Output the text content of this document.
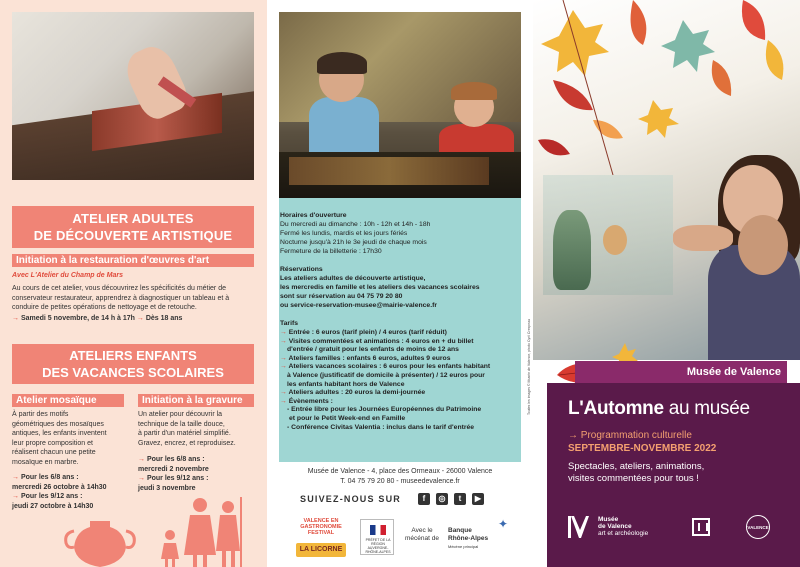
ATELIER ADULTES
DE DÉCOUVERTE ARTISTIQUE
Initiation à la restauration d'œuvres d'art
Avec L'Atelier du Champ de Mars
Au cours de cet atelier, vous découvrirez les spécificités du métier de
conservateur restaurateur, apprendrez à diagnostiquer un tableau et à
conduire de petites opérations de nettoyage et de retouche.
→ Samedi 5 novembre, de 14 h à 17h → Dès 18 ans
ATELIERS ENFANTS
DES VACANCES SCOLAIRES
Atelier mosaïque	Initiation à la gravure
À partir des motifs
géométriques des mosaïques
antiques, les enfants inventent
leur propre composition et
réalisent chacun une petite
mosaïque en marbre.
→ Pour les 6/8 ans :
mercredi 26 octobre à 14h30
→ Pour les 9/12 ans :
jeudi 27 octobre à 14h30
Un atelier pour découvrir la
technique de la taille douce,
à partir d'un matériel simplifié.
Gravez, encrez, et reproduisez.
→ Pour les 6/8 ans :
mercredi 2 novembre
→ Pour les 9/12 ans :
jeudi 3 novembre
Horaires d'ouverture
Du mercredi au dimanche : 10h - 12h et 14h - 18h
Fermé les lundis, mardis et les jours fériés
Nocturne jusqu'à 21h le 3e jeudi de chaque mois
Fermeture de la billetterie : 17h30
Réservations
Les ateliers adultes de découverte artistique,
les mercredis en famille et les ateliers des vacances scolaires
sont sur réservation au 04 75 79 20 80
ou service-reservation-musee@mairie-valence.fr
Tarifs
→ Entrée : 6 euros (tarif plein) / 4 euros (tarif réduit)
→ Visites commentées et animations : 4 euros en + du billet
d'entrée / gratuit pour les enfants de moins de 12 ans
→ Ateliers familles : enfants 6 euros, adultes 9 euros
→ Ateliers vacances scolaires : 6 euros pour les enfants habitant
à Valence (justificatif de domicile à présenter) / 12 euros pour
les enfants habitant hors de Valence
→ Ateliers adultes : 20 euros la demi-journée
→ Évènements :
- Entrée libre pour les Journées Européennes du Patrimoine
et pour le Petit Week-end en Famille
- Conférence Civitas Valentia : inclus dans le tarif d'entrée
Musée de Valence - 4, place des Ormeaux - 26000 Valence
T. 04 75 79 20 80 - museedevalence.fr
SUIVEZ-NOUS SUR	f	◎	t	▶
VALENCE EN GASTRONOMIE FESTIVAL
LA LICORNE
PRÉFET DE LA RÉGION AUVERGNE-RHÔNE-ALPES
Avec le
mécénat de
Banque
Rhône-Alpes
Mécène principal
✦
Toutes les images © Musée de Valence, photo Cyril Crespeau	Musée de Valence
L'Automne au musée
→ Programmation culturelle
SEPTEMBRE-NOVEMBRE 2022
Spectacles, ateliers, animations,
visites commentées pour tous !
Musée
de Valence
art et archéologie
VALENCE
